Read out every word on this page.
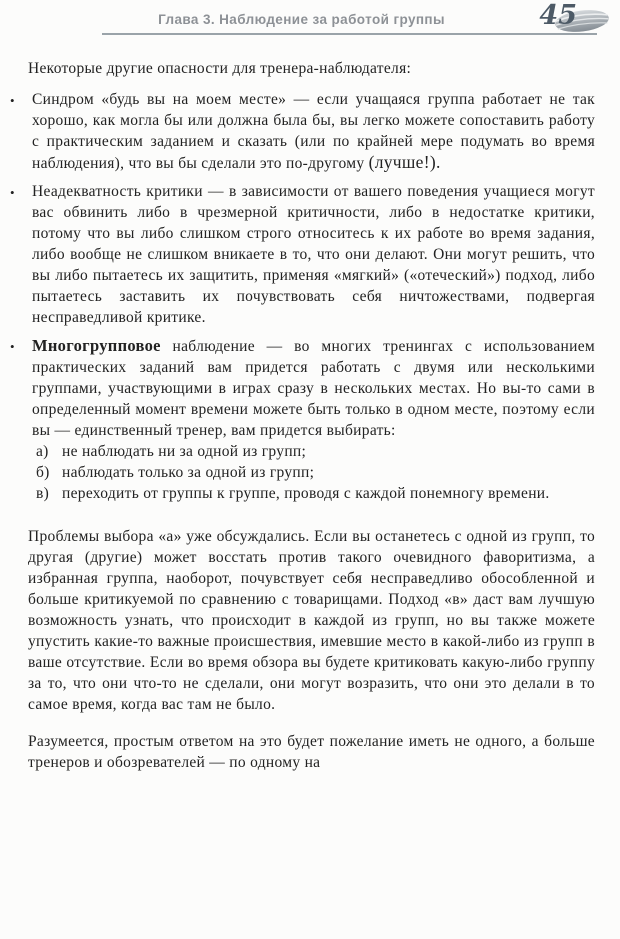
Глава 3. Наблюдение за работой группы	45

Некоторые другие опасности для тренера-наблюдателя:

•	Синдром «будь вы на моем месте» — если учащаяся группа работает не так хорошо, как могла бы или должна была бы, вы легко можете сопоставить работу с практическим заданием и сказать (или по крайней мере подумать во время наблюдения), что вы бы сделали это по-другому (лучше!).
•	Неадекватность критики — в зависимости от вашего поведения учащиеся могут вас обвинить либо в чрезмерной критичности, либо в недостатке критики, потому что вы либо слишком строго относитесь к их работе во время задания, либо вообще не слишком вникаете в то, что они делают. Они могут решить, что вы либо пытаетесь их защитить, применяя «мягкий» («отеческий») подход, либо пытаетесь заставить их почувствовать себя ничтожествами, подвергая несправедливой критике.
•	Многогрупповое наблюдение — во многих тренингах с использованием практических заданий вам придется работать с двумя или несколькими группами, участвующими в играх сразу в нескольких местах. Но вы-то сами в определенный момент времени можете быть только в одном месте, поэтому если вы — единственный тренер, вам придется выбирать:
а) не наблюдать ни за одной из групп;
б) наблюдать только за одной из групп;
в) переходить от группы к группе, проводя с каждой понемногу времени.

Проблемы выбора «а» уже обсуждались. Если вы останетесь с одной из групп, то другая (другие) может восстать против такого очевидного фаворитизма, а избранная группа, наоборот, почувствует себя несправедливо обособленной и больше критикуемой по сравнению с товарищами. Подход «в» даст вам лучшую возможность узнать, что происходит в каждой из групп, но вы также можете упустить какие-то важные происшествия, имевшие место в какой-либо из групп в ваше отсутствие. Если во время обзора вы будете критиковать какую-либо группу за то, что они что-то не сделали, они могут возразить, что они это делали в то самое время, когда вас там не было.

Разумеется, простым ответом на это будет пожелание иметь не одного, а больше тренеров и обозревателей — по одному на
